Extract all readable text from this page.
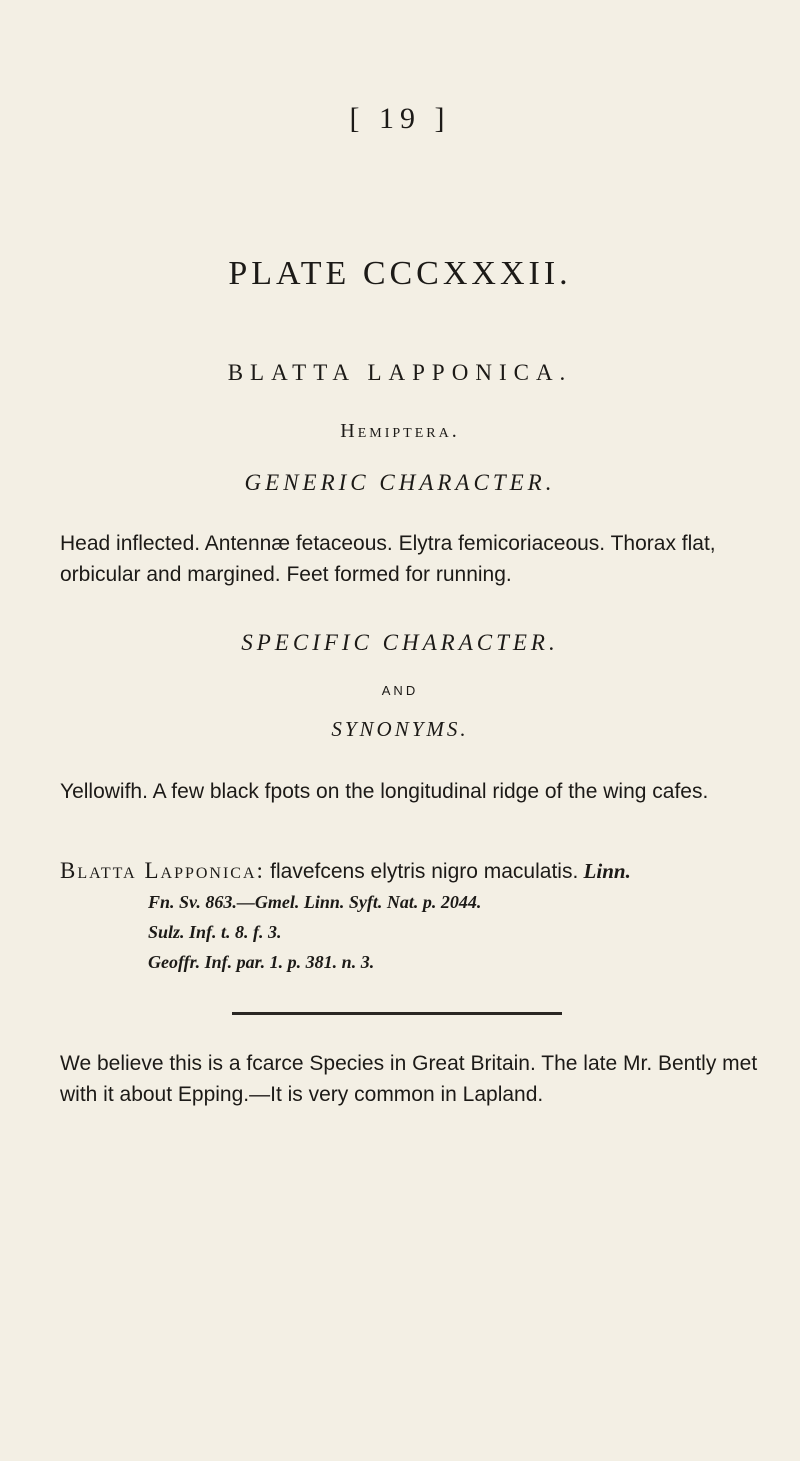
[ 19 ]
PLATE CCCXXXII.
BLATTA LAPPONICA.
Hemiptera.
GENERIC CHARACTER.
Head inflected. Antennæ fetaceous. Elytra femicoriaceous. Thorax flat, orbicular and margined. Feet formed for running.
SPECIFIC CHARACTER.
AND
SYNONYMS.
Yellowifh. A few black fpots on the longitudinal ridge of the wing cafes.
Blatta Lapponica: flavefcens elytris nigro maculatis. Linn.
Fn. Sv. 863.—Gmel. Linn. Syft. Nat. p. 2044.
Sulz. Inf. t. 8. f. 3.
Geoffr. Inf. par. 1. p. 381. n. 3.
We believe this is a fcarce Species in Great Britain. The late Mr. Bently met with it about Epping.—It is very common in Lapland.
